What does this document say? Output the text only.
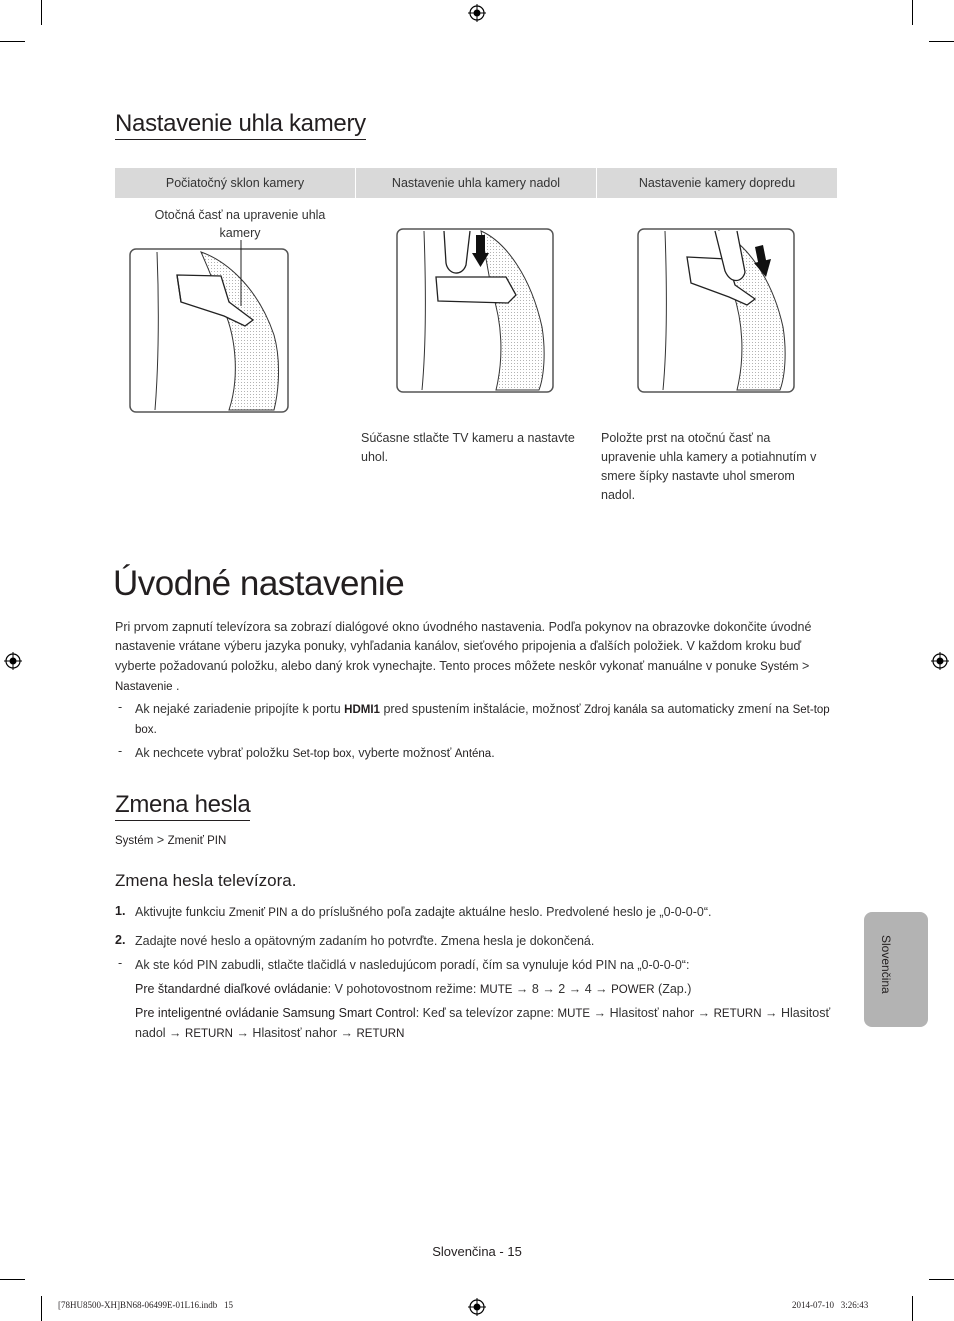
Nastavenie uhla kamery
Počiatočný sklon kamery	Nastavenie uhla kamery nadol	Nastavenie kamery dopredu
Otočná časť na upravenie uhla kamery
Súčasne stlačte TV kameru a nastavte uhol.
Položte prst na otočnú časť na upravenie uhla kamery a potiahnutím v smere šípky nastavte uhol smerom nadol.
Úvodné nastavenie
Pri prvom zapnutí televízora sa zobrazí dialógové okno úvodného nastavenia. Podľa pokynov na obrazovke dokončite úvodné nastavenie vrátane výberu jazyka ponuky, vyhľadania kanálov, sieťového pripojenia a ďalších položiek. V každom kroku buď vyberte požadovanú položku, alebo daný krok vynechajte. Tento proces môžete neskôr vykonať manuálne v ponuke Systém > Nastavenie .
- Ak nejaké zariadenie pripojíte k portu HDMI1 pred spustením inštalácie, možnosť Zdroj kanála sa automaticky zmení na Set-top box.
- Ak nechcete vybrať položku Set-top box, vyberte možnosť Anténa.
Zmena hesla
Systém > Zmeniť PIN
Zmena hesla televízora.
1. Aktivujte funkciu Zmeniť PIN a do príslušného poľa zadajte aktuálne heslo. Predvolené heslo je „0-0-0-0“.
2. Zadajte nové heslo a opätovným zadaním ho potvrďte. Zmena hesla je dokončená.
- Ak ste kód PIN zabudli, stlačte tlačidlá v nasledujúcom poradí, čím sa vynuluje kód PIN na „0-0-0-0“:
Pre štandardné diaľkové ovládanie: V pohotovostnom režime: MUTE → 8 → 2 → 4 → POWER (Zap.)
Pre inteligentné ovládanie Samsung Smart Control: Keď sa televízor zapne: MUTE → Hlasitosť nahor → RETURN → Hlasitosť nadol → RETURN → Hlasitosť nahor → RETURN
Slovenčina
Slovenčina - 15
[78HU8500-XH]BN68-06499E-01L16.indb   15	2014-07-10   3:26:43
